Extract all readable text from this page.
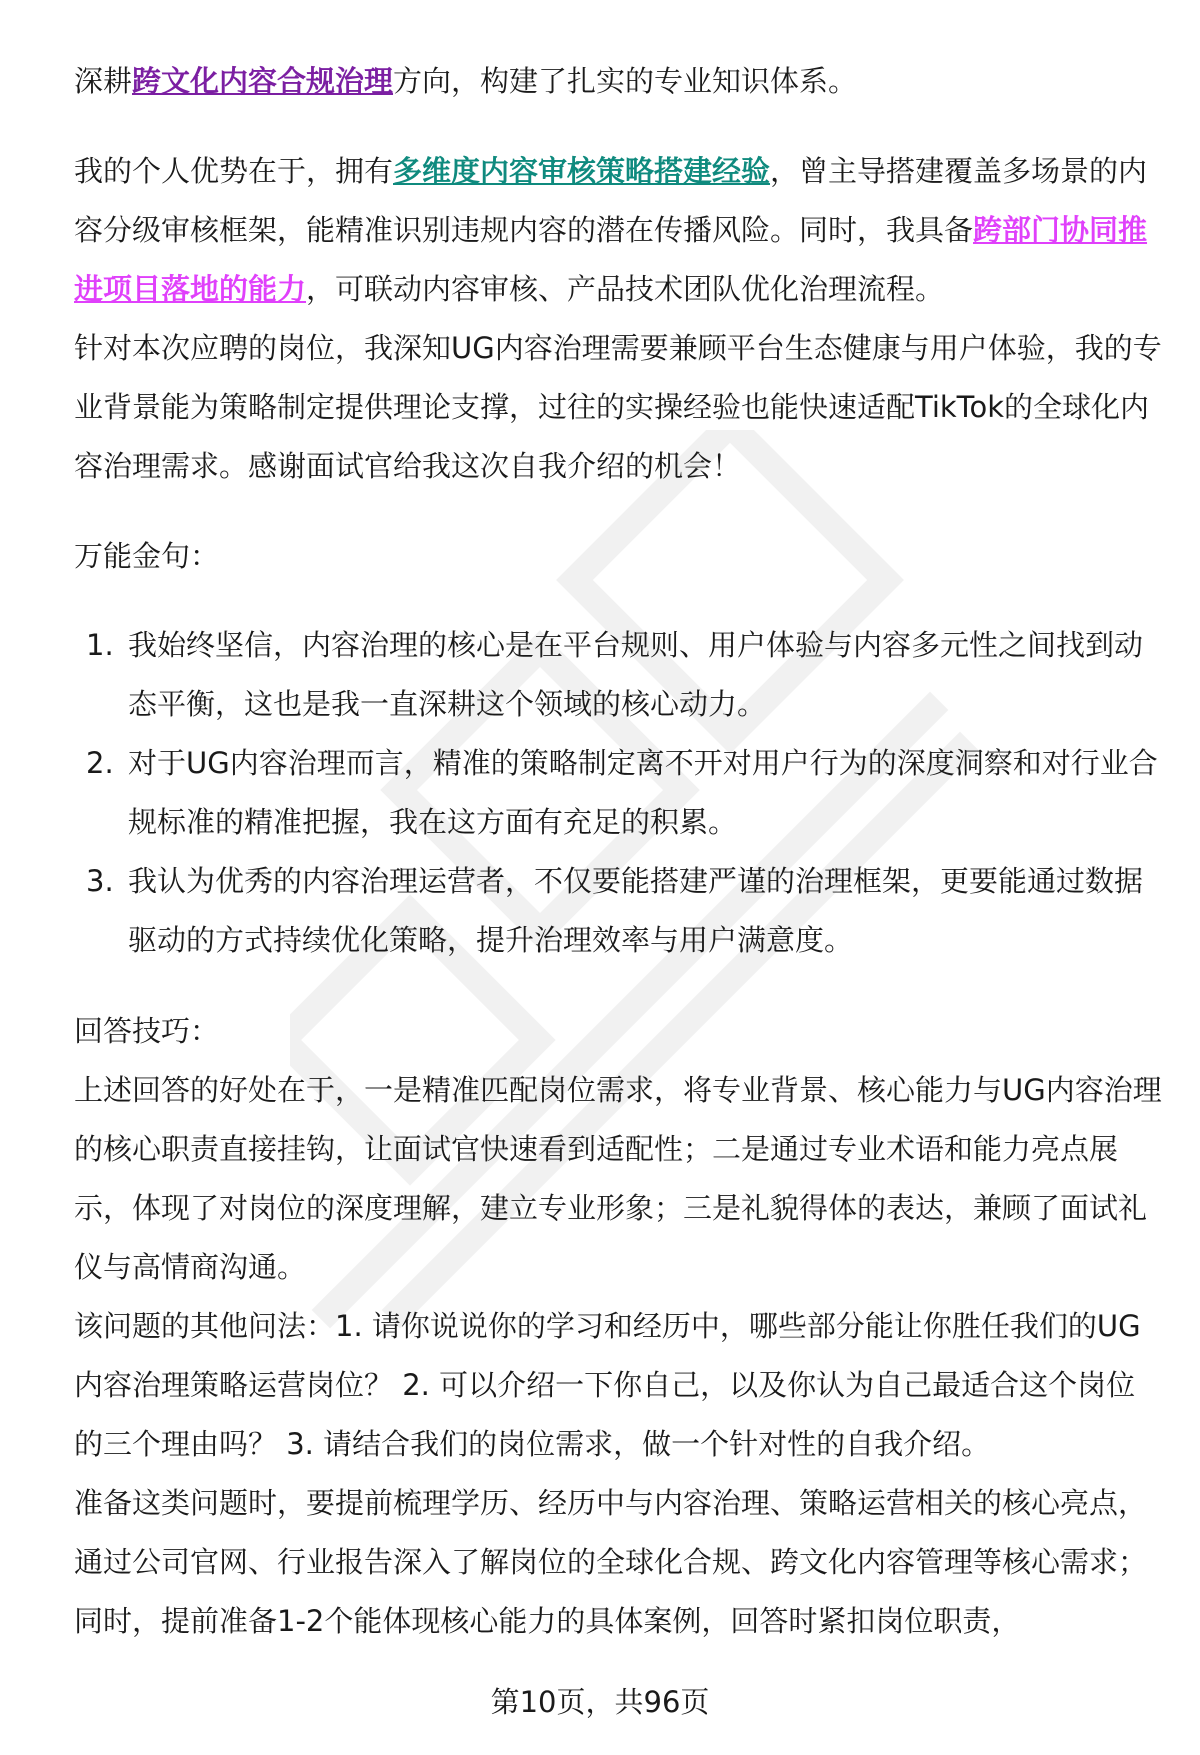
深耕跨文化内容合规治理方向，构建了扎实的专业知识体系。

我的个人优势在于，拥有多维度内容审核策略搭建经验，曾主导搭建覆盖多场景的内容分级审核框架，能精准识别违规内容的潜在传播风险。同时，我具备跨部门协同推进项目落地的能力，可联动内容审核、产品技术团队优化治理流程。

针对本次应聘的岗位，我深知UG内容治理需要兼顾平台生态健康与用户体验，我的专业背景能为策略制定提供理论支撑，过往的实操经验也能快速适配TikTok的全球化内容治理需求。感谢面试官给我这次自我介绍的机会！

万能金句：

1. 我始终坚信，内容治理的核心是在平台规则、用户体验与内容多元性之间找到动态平衡，这也是我一直深耕这个领域的核心动力。
2. 对于UG内容治理而言，精准的策略制定离不开对用户行为的深度洞察和对行业合规标准的精准把握，我在这方面有充足的积累。
3. 我认为优秀的内容治理运营者，不仅要能搭建严谨的治理框架，更要能通过数据驱动的方式持续优化策略，提升治理效率与用户满意度。

回答技巧：

上述回答的好处在于，一是精准匹配岗位需求，将专业背景、核心能力与UG内容治理的核心职责直接挂钩，让面试官快速看到适配性；二是通过专业术语和能力亮点展示，体现了对岗位的深度理解，建立专业形象；三是礼貌得体的表达，兼顾了面试礼仪与高情商沟通。

该问题的其他问法：1. 请你说说你的学习和经历中，哪些部分能让你胜任我们的UG内容治理策略运营岗位？ 2. 可以介绍一下你自己，以及你认为自己最适合这个岗位的三个理由吗？ 3. 请结合我们的岗位需求，做一个针对性的自我介绍。

准备这类问题时，要提前梳理学历、经历中与内容治理、策略运营相关的核心亮点，通过公司官网、行业报告深入了解岗位的全球化合规、跨文化内容管理等核心需求；同时，提前准备1-2个能体现核心能力的具体案例，回答时紧扣岗位职责，

第10页，共96页
